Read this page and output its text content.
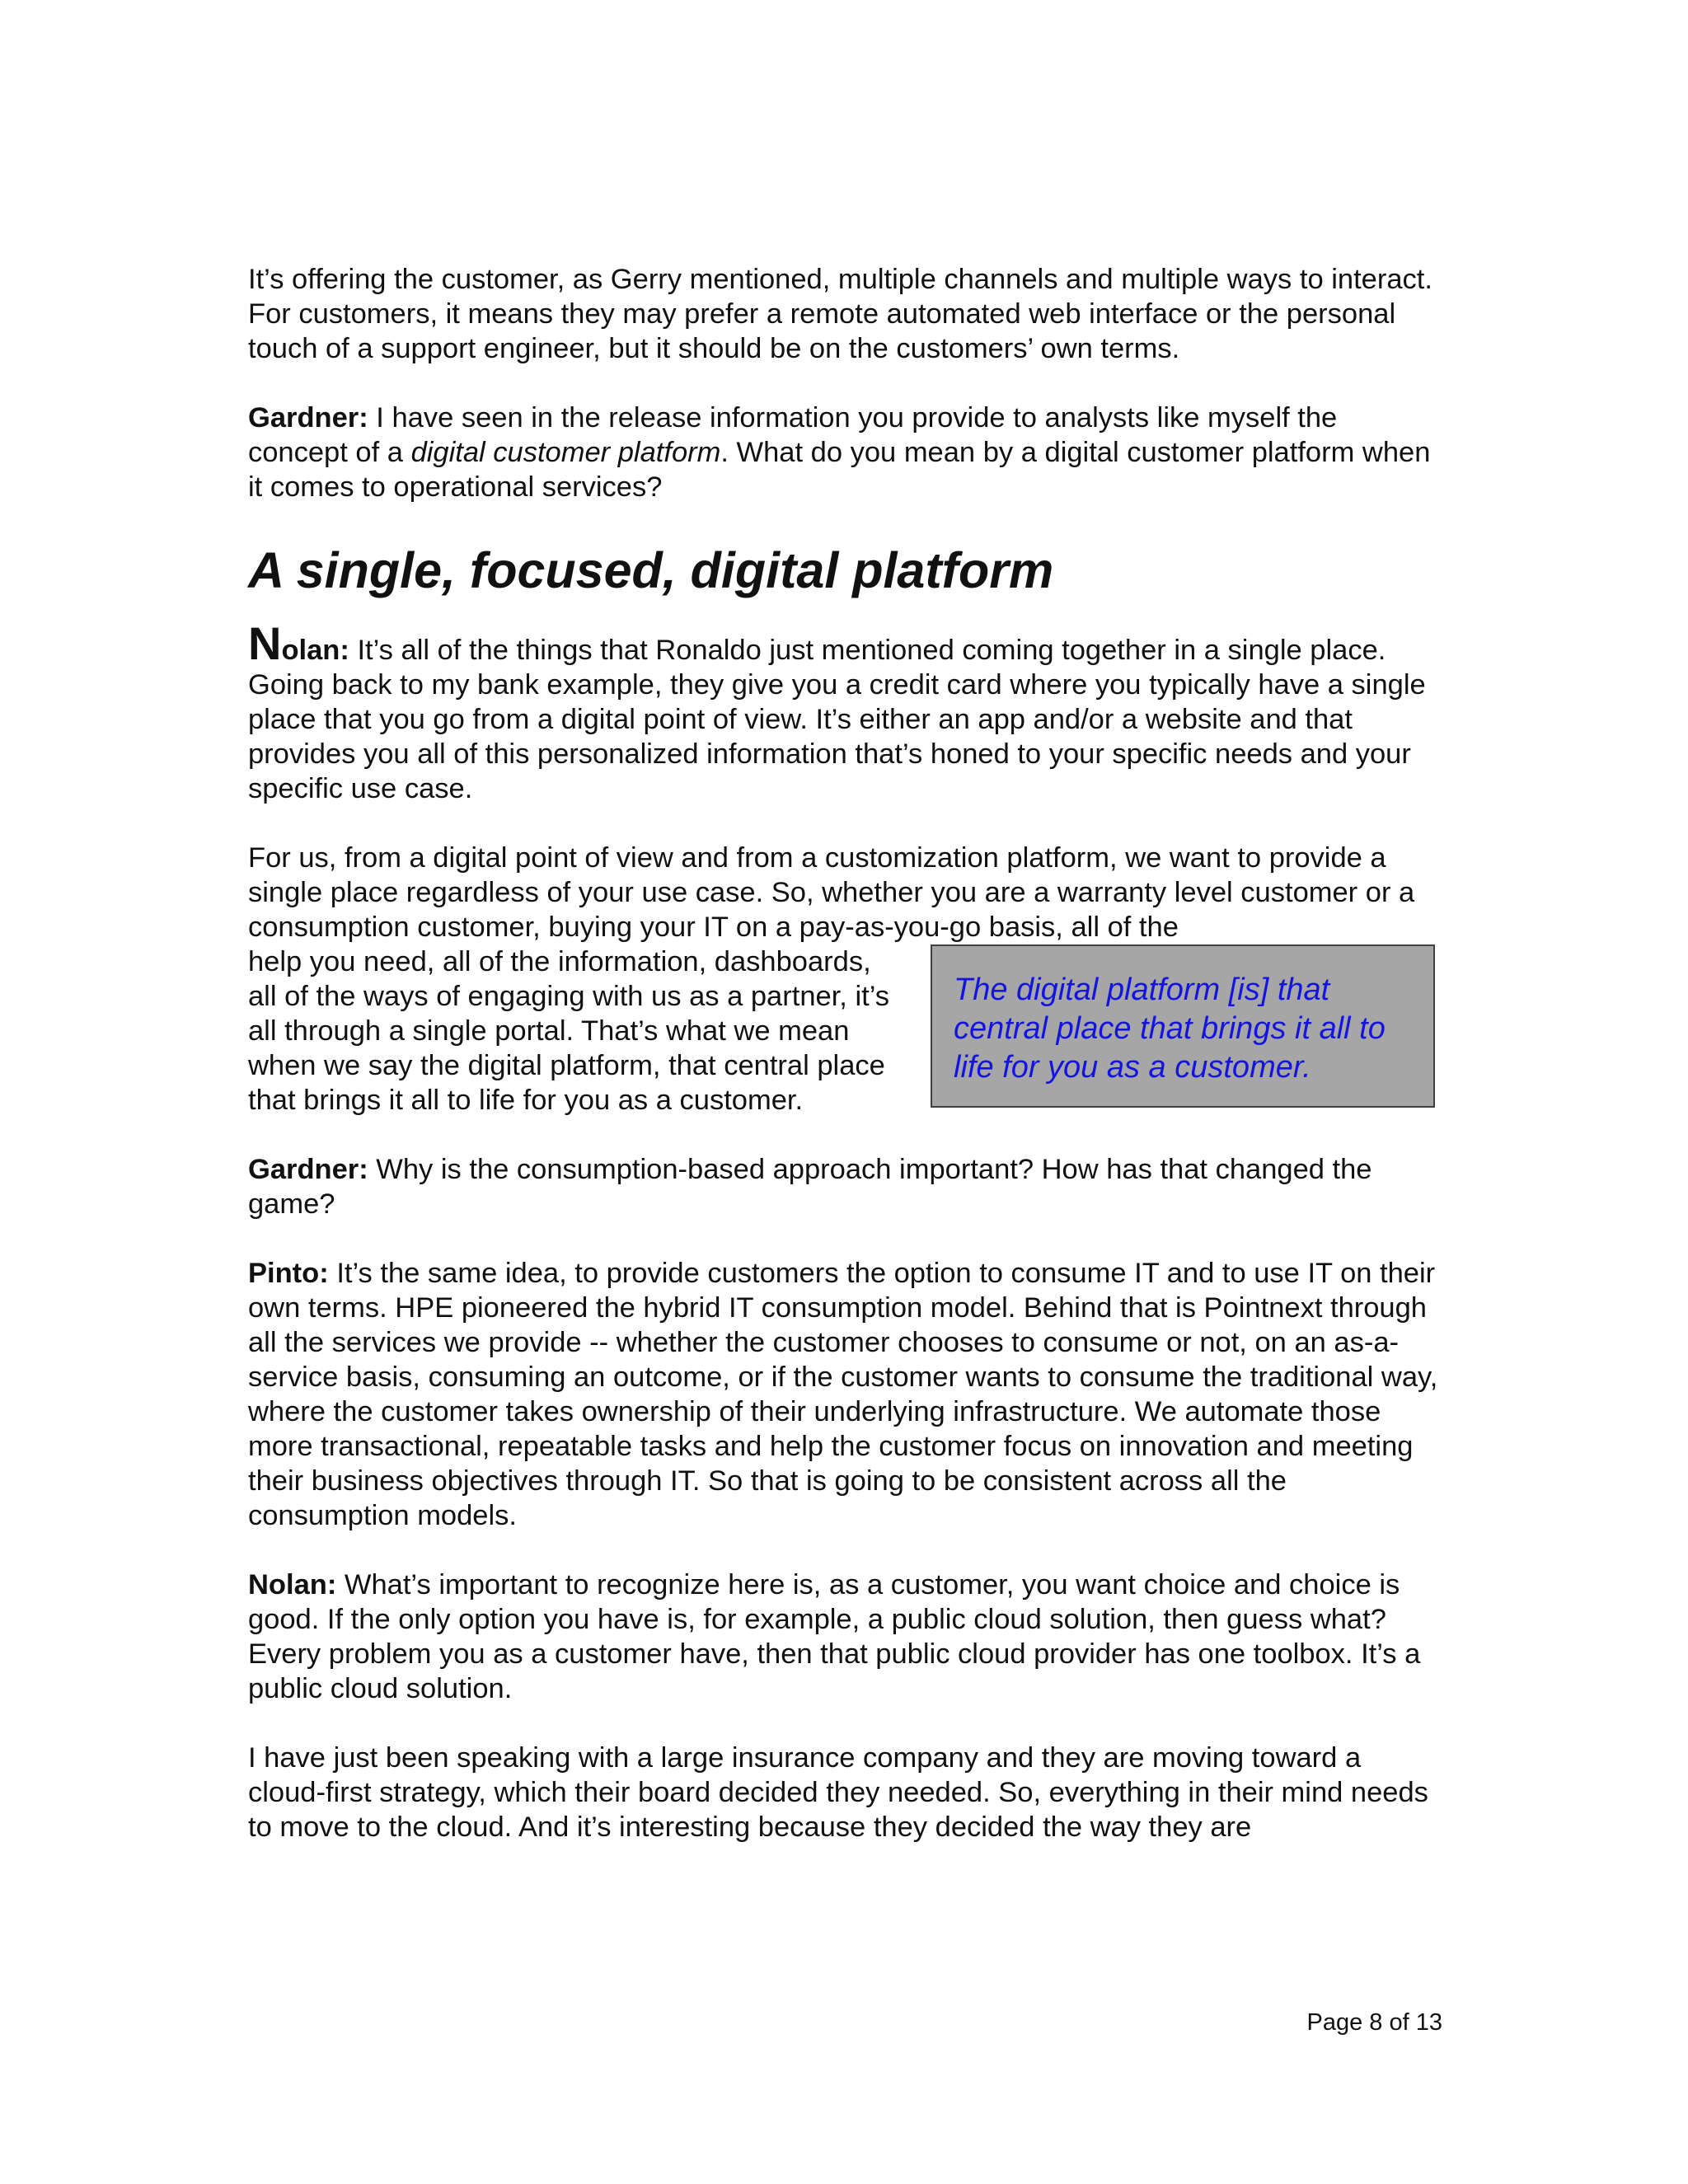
It’s offering the customer, as Gerry mentioned, multiple channels and multiple ways to interact. For customers, it means they may prefer a remote automated web interface or the personal touch of a support engineer, but it should be on the customers’ own terms.

Gardner: I have seen in the release information you provide to analysts like myself the concept of a digital customer platform. What do you mean by a digital customer platform when it comes to operational services?

A single, focused, digital platform

Nolan: It’s all of the things that Ronaldo just mentioned coming together in a single place. Going back to my bank example, they give you a credit card where you typically have a single place that you go from a digital point of view. It’s either an app and/or a website and that provides you all of this personalized information that’s honed to your specific needs and your specific use case.

For us, from a digital point of view and from a customization platform, we want to provide a single place regardless of your use case. So, whether you are a warranty level customer or a consumption customer, buying your IT on a pay-as-you-go basis, all of the

The digital platform [is] that central place that brings it all to life for you as a customer.
help you need, all of the information, dashboards, all of the ways of engaging with us as a partner, it’s all through a single portal. That’s what we mean when we say the digital platform, that central place that brings it all to life for you as a customer.

Gardner: Why is the consumption-based approach important? How has that changed the game?

Pinto: It’s the same idea, to provide customers the option to consume IT and to use IT on their own terms. HPE pioneered the hybrid IT consumption model. Behind that is Pointnext through all the services we provide -- whether the customer chooses to consume or not, on an as-a-service basis, consuming an outcome, or if the customer wants to consume the traditional way, where the customer takes ownership of their underlying infrastructure. We automate those more transactional, repeatable tasks and help the customer focus on innovation and meeting their business objectives through IT. So that is going to be consistent across all the consumption models.

Nolan: What’s important to recognize here is, as a customer, you want choice and choice is good. If the only option you have is, for example, a public cloud solution, then guess what? Every problem you as a customer have, then that public cloud provider has one toolbox. It’s a public cloud solution.

I have just been speaking with a large insurance company and they are moving toward a cloud-first strategy, which their board decided they needed. So, everything in their mind needs to move to the cloud. And it’s interesting because they decided the way they are

Page 8 of 13
